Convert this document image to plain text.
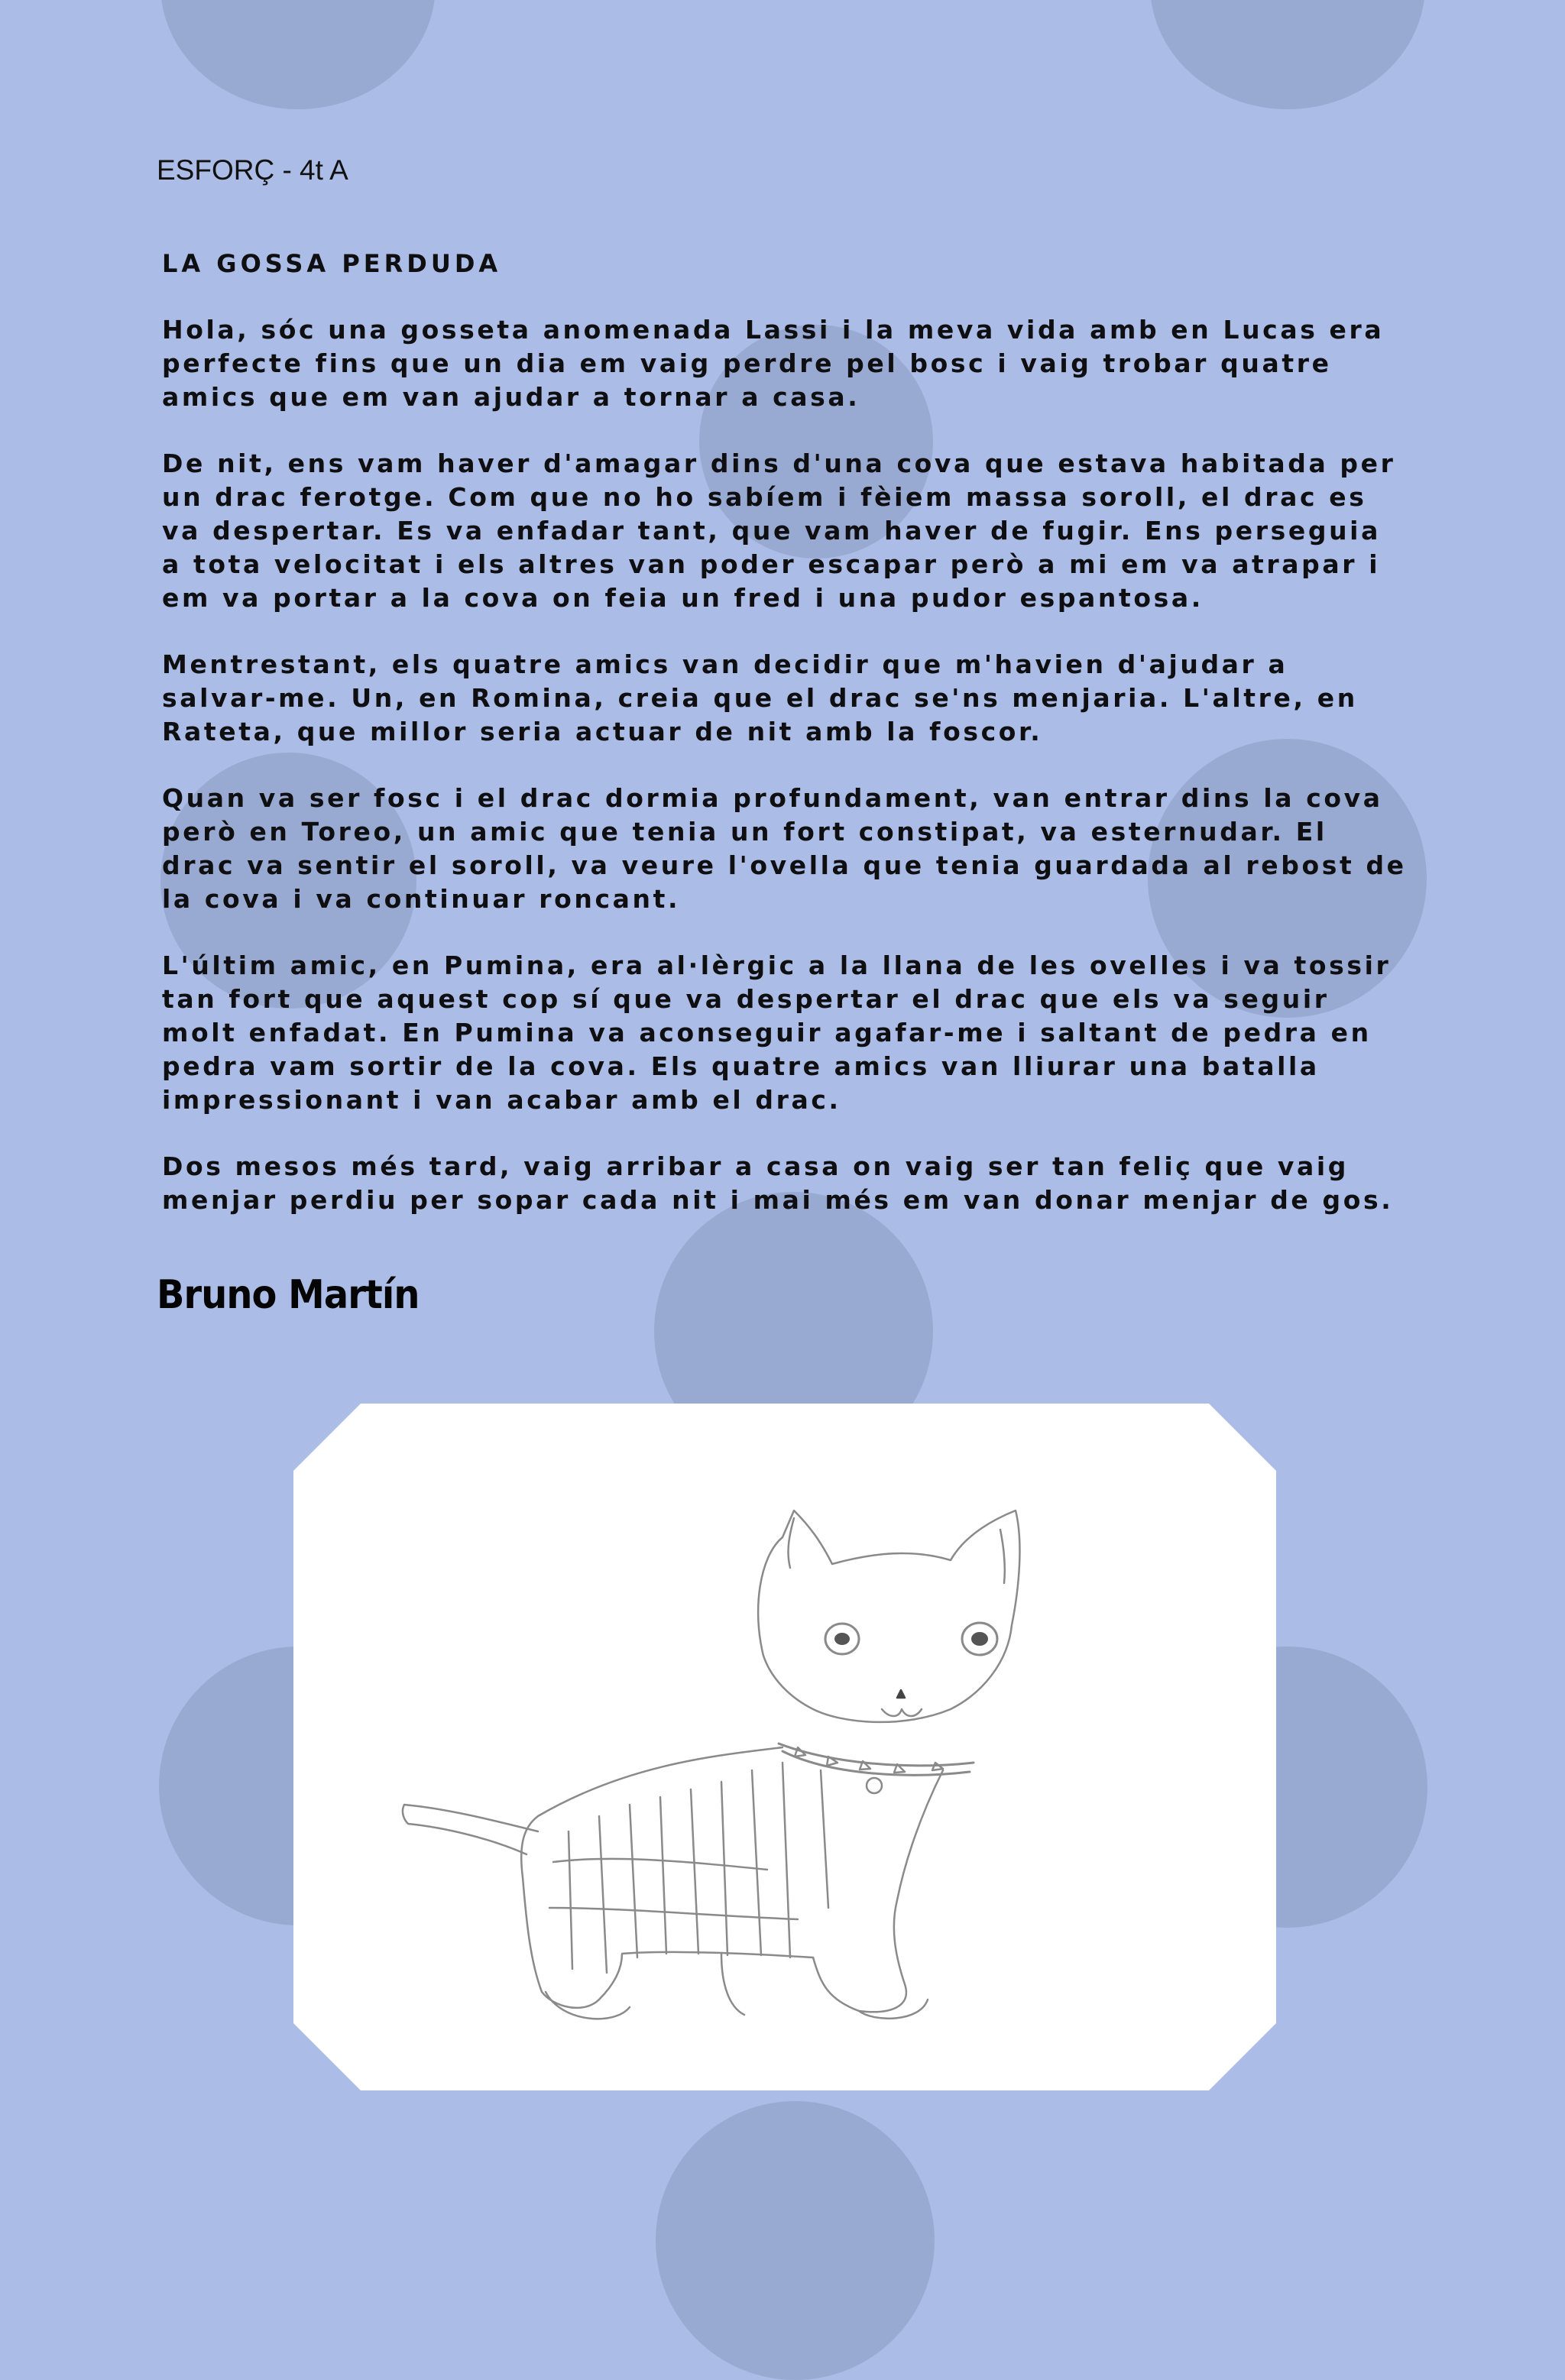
ESFORÇ - 4t A
LA GOSSA PERDUDA

Hola, sóc una gosseta anomenada Lassi i la meva vida amb en Lucas era
perfecte fins que un dia em vaig perdre pel bosc i vaig trobar quatre
amics que em van ajudar a tornar a casa.

De nit, ens vam haver d'amagar dins d'una cova que estava habitada per
un drac ferotge. Com que no ho sabíem i fèiem massa soroll, el drac es
va despertar. Es va enfadar tant, que vam haver de fugir. Ens perseguia
a tota velocitat i els altres van poder escapar però a mi em va atrapar i
em va portar a la cova on feia un fred i una pudor espantosa.

Mentrestant, els quatre amics van decidir que m'havien d'ajudar a
salvar-me. Un, en Romina, creia que el drac se'ns menjaria. L'altre, en
Rateta, que millor seria actuar de nit amb la foscor.

Quan va ser fosc i el drac dormia profundament, van entrar dins la cova
però en Toreo, un amic que tenia un fort constipat, va esternudar. El
drac va sentir el soroll, va veure l'ovella que tenia guardada al rebost de
la cova i va continuar roncant.

L'últim amic, en Pumina, era al·lèrgic a la llana de les ovelles i va tossir
tan fort que aquest cop sí que va despertar el drac que els va seguir
molt enfadat. En Pumina va aconseguir agafar-me i saltant de pedra en
pedra vam sortir de la cova. Els quatre amics van lliurar una batalla
impressionant i van acabar amb el drac.

Dos mesos més tard, vaig arribar a casa on vaig ser tan feliç que vaig
menjar perdiu per sopar cada nit i mai més em van donar menjar de gos.

Bruno Martín
